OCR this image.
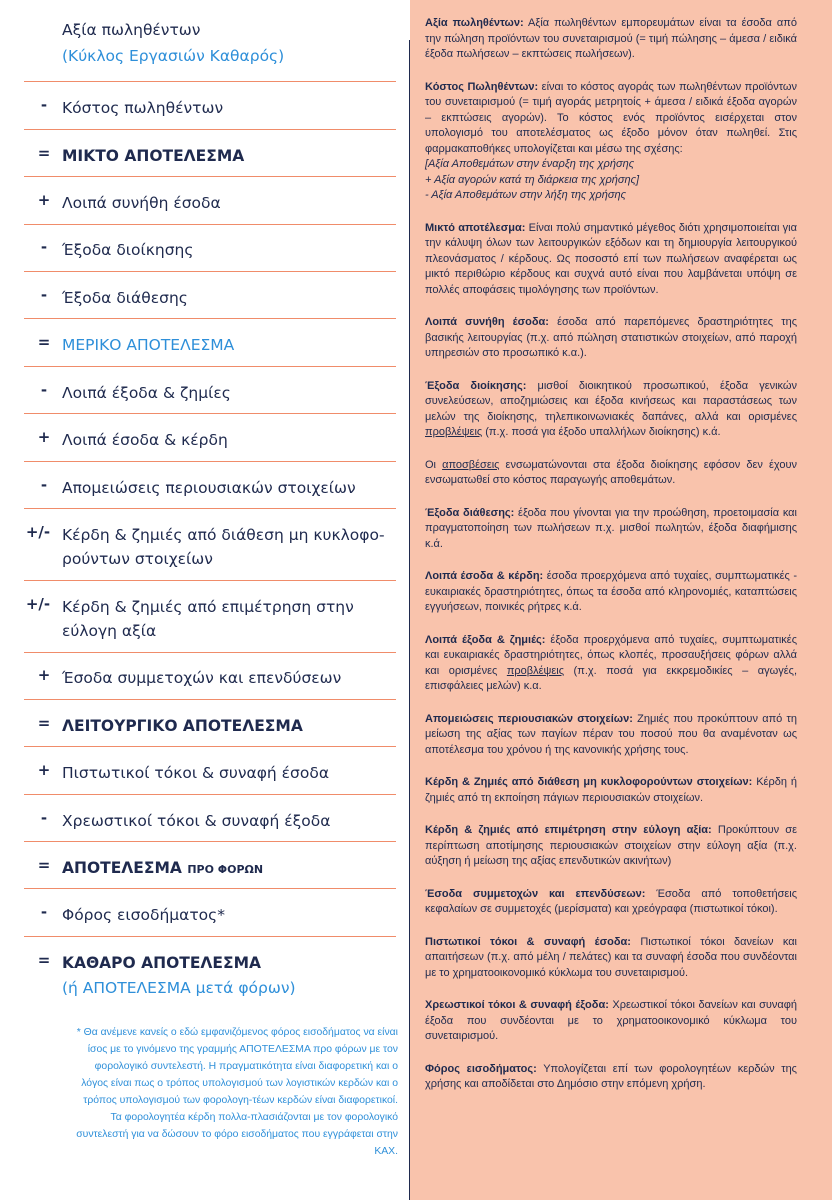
Αξία πωληθέντων
(Κύκλος Εργασιών Καθαρός)
- Κόστος πωληθέντων
= ΜΙΚΤΟ ΑΠΟΤΕΛΕΣΜΑ
+ Λοιπά συνήθη έσοδα
- Έξοδα διοίκησης
- Έξοδα διάθεσης
= ΜΕΡΙΚΟ ΑΠΟΤΕΛΕΣΜΑ
- Λοιπά έξοδα & ζημίες
+ Λοιπά έσοδα & κέρδη
- Απομειώσεις περιουσιακών στοιχείων
+/- Κέρδη & ζημιές από διάθεση μη κυκλοφο-
ρούντων στοιχείων
+/- Κέρδη & ζημιές από επιμέτρηση στην
εύλογη αξία
+ Έσοδα συμμετοχών και επενδύσεων
= ΛΕΙΤΟΥΡΓΙΚΟ ΑΠΟΤΕΛΕΣΜΑ
+ Πιστωτικοί τόκοι & συναφή έσοδα
- Χρεωστικοί τόκοι & συναφή έξοδα
= ΑΠΟΤΕΛΕΣΜΑ ΠΡΟ ΦΟΡΩΝ
- Φόρος εισοδήματος*
= ΚΑΘΑΡΟ ΑΠΟΤΕΛΕΣΜΑ
(ή ΑΠΟΤΕΛΕΣΜΑ μετά φόρων)
* Θα ανέμενε κανείς ο εδώ εμφανιζόμενος φόρος εισοδήματος να είναι ίσος με το γινόμενο της γραμμής ΑΠΟΤΕΛΕΣΜΑ προ φόρων με τον φορολογικό συντελεστή. Η πραγματικότητα είναι διαφορετική και ο λόγος είναι πως ο τρόπος υπολογισμού των λογιστικών κερδών και ο τρόπος υπολογισμού των φορολογη-τέων κερδών είναι διαφορετικοί. Τα φορολογητέα κέρδη πολλα-πλασιάζονται με τον φορολογικό συντελεστή για να δώσουν το φόρο εισοδήματος που εγγράφεται στην ΚΑΧ.

Αξία πωληθέντων: Αξία πωληθέντων εμπορευμάτων είναι τα έσοδα από την πώληση προϊόντων του συνεταιρισμού (= τιμή πώλησης – άμεσα / ειδικά έξοδα πωλήσεων – εκπτώσεις πωλήσεων).

Κόστος Πωληθέντων: είναι το κόστος αγοράς των πωληθέντων προϊόντων του συνεταιρισμού (= τιμή αγοράς μετρητοίς + άμεσα / ειδικά έξοδα αγορών – εκπτώσεις αγορών). Το κόστος ενός προϊόντος εισέρχεται στον υπολογισμό του αποτελέσματος ως έξοδο μόνον όταν πωληθεί. Στις φαρμακαποθήκες υπολογίζεται και μέσω της σχέσης:
[Αξία Αποθεμάτων στην έναρξη της χρήσης
+ Αξία αγορών κατά τη διάρκεια της χρήσης]
- Αξία Αποθεμάτων στην λήξη της χρήσης

Μικτό αποτέλεσμα: Είναι πολύ σημαντικό μέγεθος διότι χρησιμοποιείται για την κάλυψη όλων των λειτουργικών εξόδων και τη δημιουργία λειτουργικού πλεονάσματος / κέρδους. Ως ποσοστό επί των πωλήσεων αναφέρεται ως μικτό περιθώριο κέρδους και συχνά αυτό είναι που λαμβάνεται υπόψη σε πολλές αποφάσεις τιμολόγησης των προϊόντων.

Λοιπά συνήθη έσοδα: έσοδα από παρεπόμενες δραστηριότητες της βασικής λειτουργίας (π.χ. από πώληση στατιστικών στοιχείων, από παροχή υπηρεσιών στο προσωπικό κ.α.).

Έξοδα διοίκησης: μισθοί διοικητικού προσωπικού, έξοδα γενικών συνελεύσεων, αποζημιώσεις και έξοδα κινήσεως και παραστάσεως των μελών της διοίκησης, τηλεπικοινωνιακές δαπάνες, αλλά και ορισμένες προβλέψεις (π.χ. ποσά για έξοδο υπαλλήλων διοίκησης) κ.ά.

Οι αποσβέσεις ενσωματώνονται στα έξοδα διοίκησης εφόσον δεν έχουν ενσωματωθεί στο κόστος παραγωγής αποθεμάτων.

Έξοδα διάθεσης: έξοδα που γίνονται για την προώθηση, προετοιμασία και πραγματοποίηση των πωλήσεων π.χ. μισθοί πωλητών, έξοδα διαφήμισης κ.ά.

Λοιπά έσοδα & κέρδη: έσοδα προερχόμενα από τυχαίες, συμπτωματικές - ευκαιριακές δραστηριότητες, όπως τα έσοδα από κληρονομιές, καταπτώσεις εγγυήσεων, ποινικές ρήτρες κ.ά.

Λοιπά έξοδα & ζημιές: έξοδα προερχόμενα από τυχαίες, συμπτωματικές και ευκαιριακές δραστηριότητες, όπως κλοπές, προσαυξήσεις φόρων αλλά και ορισμένες προβλέψεις (π.χ. ποσά για εκκρεμοδικίες – αγωγές, επισφάλειες μελών) κ.α.

Απομειώσεις περιουσιακών στοιχείων: Ζημιές που προκύπτουν από τη μείωση της αξίας των παγίων πέραν του ποσού που θα αναμένοταν ως αποτέλεσμα του χρόνου ή της κανονικής χρήσης τους.

Κέρδη & Ζημιές από διάθεση μη κυκλοφορούντων στοιχείων: Κέρδη ή ζημιές από τη εκποίηση πάγιων περιουσιακών στοιχείων.

Κέρδη & ζημιές από επιμέτρηση στην εύλογη αξία: Προκύπτουν σε περίπτωση αποτίμησης περιουσιακών στοιχείων στην εύλογη αξία (π.χ. αύξηση ή μείωση της αξίας επενδυτικών ακινήτων)

Έσοδα συμμετοχών και επενδύσεων: Έσοδα από τοποθετήσεις κεφαλαίων σε συμμετοχές (μερίσματα) και χρεόγραφα (πιστωτικοί τόκοι).

Πιστωτικοί τόκοι & συναφή έσοδα: Πιστωτικοί τόκοι δανείων και απαιτήσεων (π.χ. από μέλη / πελάτες) και τα συναφή έσοδα που συνδέονται με το χρηματοοικονομικό κύκλωμα του συνεταιρισμού.

Χρεωστικοί τόκοι & συναφή έξοδα: Χρεωστικοί τόκοι δανείων και συναφή έξοδα που συνδέονται με το χρηματοοικονομικό κύκλωμα του συνεταιρισμού.

Φόρος εισοδήματος: Υπολογίζεται επί των φορολογητέων κερδών της χρήσης και αποδίδεται στο Δημόσιο στην επόμενη χρήση.
